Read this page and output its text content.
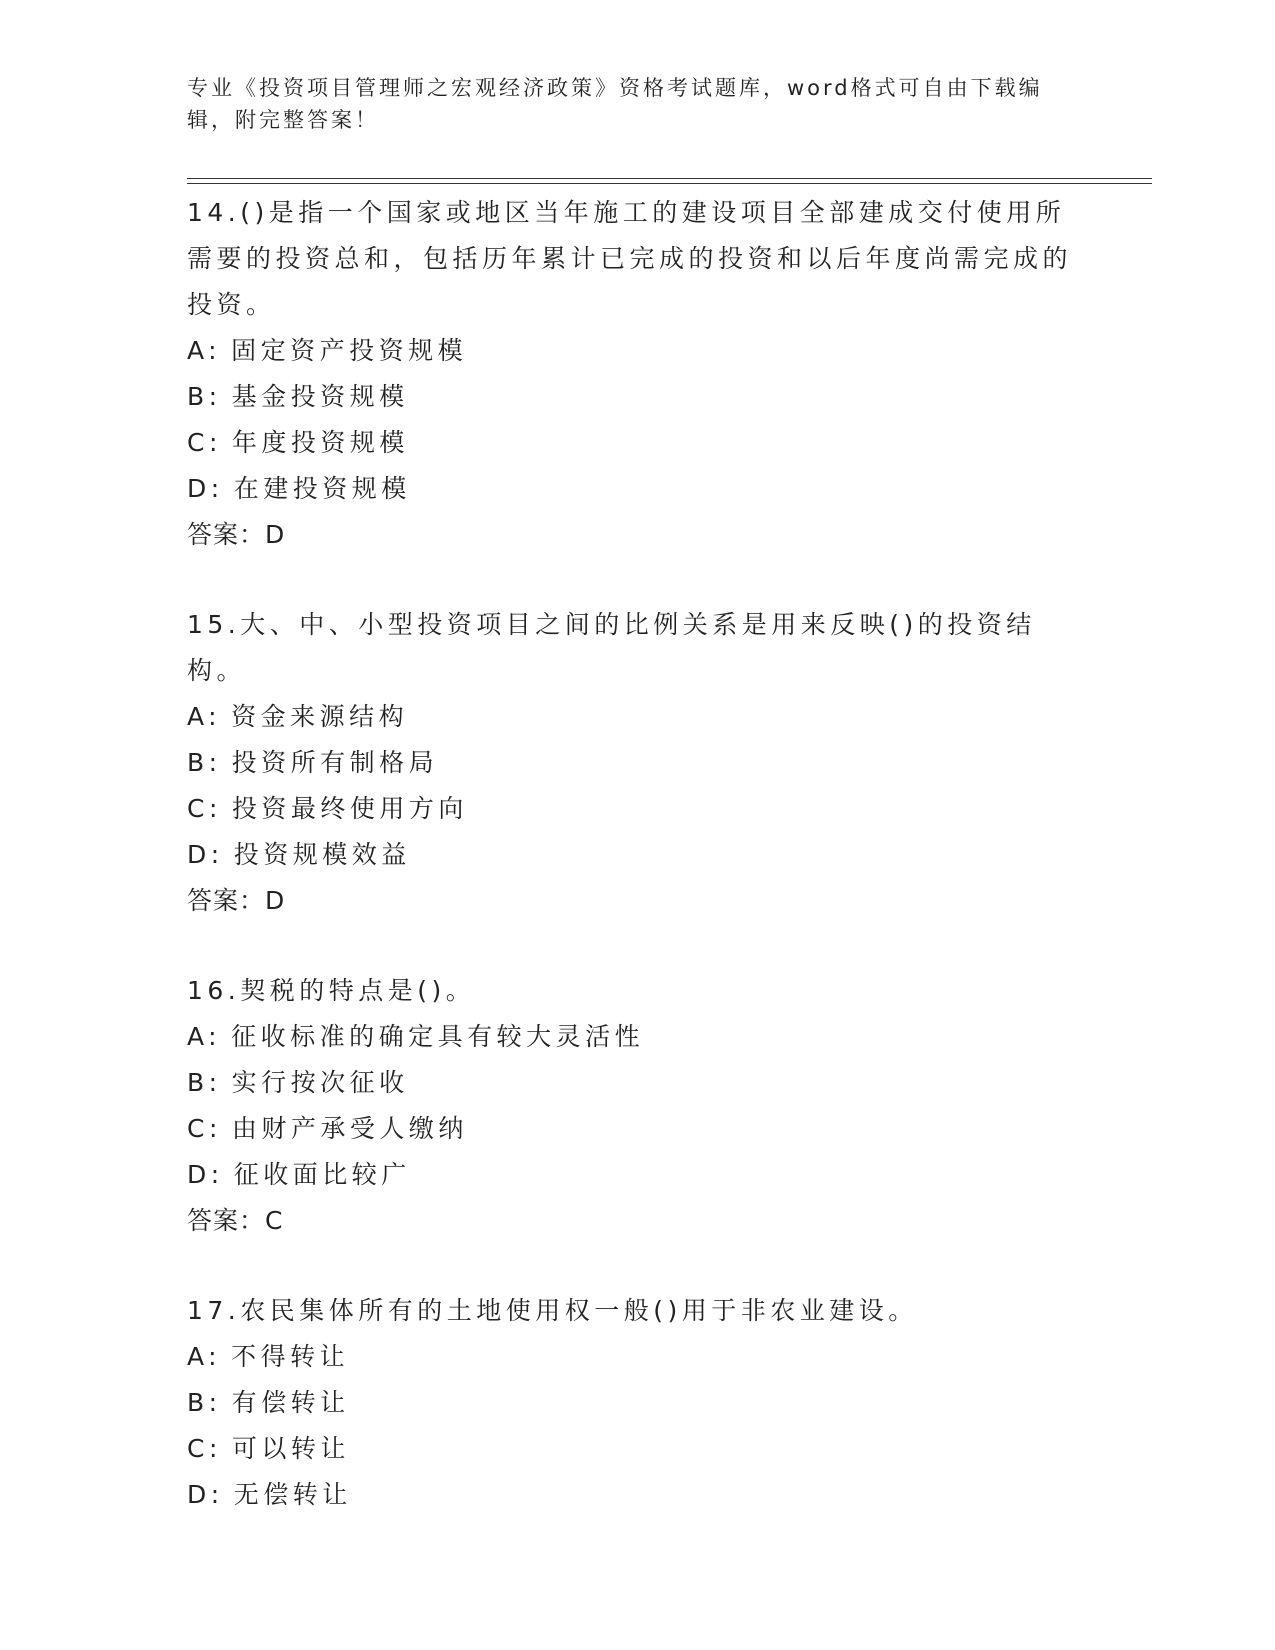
专业《投资项目管理师之宏观经济政策》资格考试题库，word格式可自由下载编辑，附完整答案！

14.()是指一个国家或地区当年施工的建设项目全部建成交付使用所需要的投资总和，包括历年累计已完成的投资和以后年度尚需完成的投资。

A: 固定资产投资规模

B: 基金投资规模

C: 年度投资规模

D: 在建投资规模

答案：D

15.大、中、小型投资项目之间的比例关系是用来反映()的投资结构。

A: 资金来源结构

B: 投资所有制格局

C: 投资最终使用方向

D: 投资规模效益

答案：D

16.契税的特点是()。

A: 征收标准的确定具有较大灵活性

B: 实行按次征收

C: 由财产承受人缴纳

D: 征收面比较广

答案：C

17.农民集体所有的土地使用权一般()用于非农业建设。

A: 不得转让

B: 有偿转让

C: 可以转让

D: 无偿转让
